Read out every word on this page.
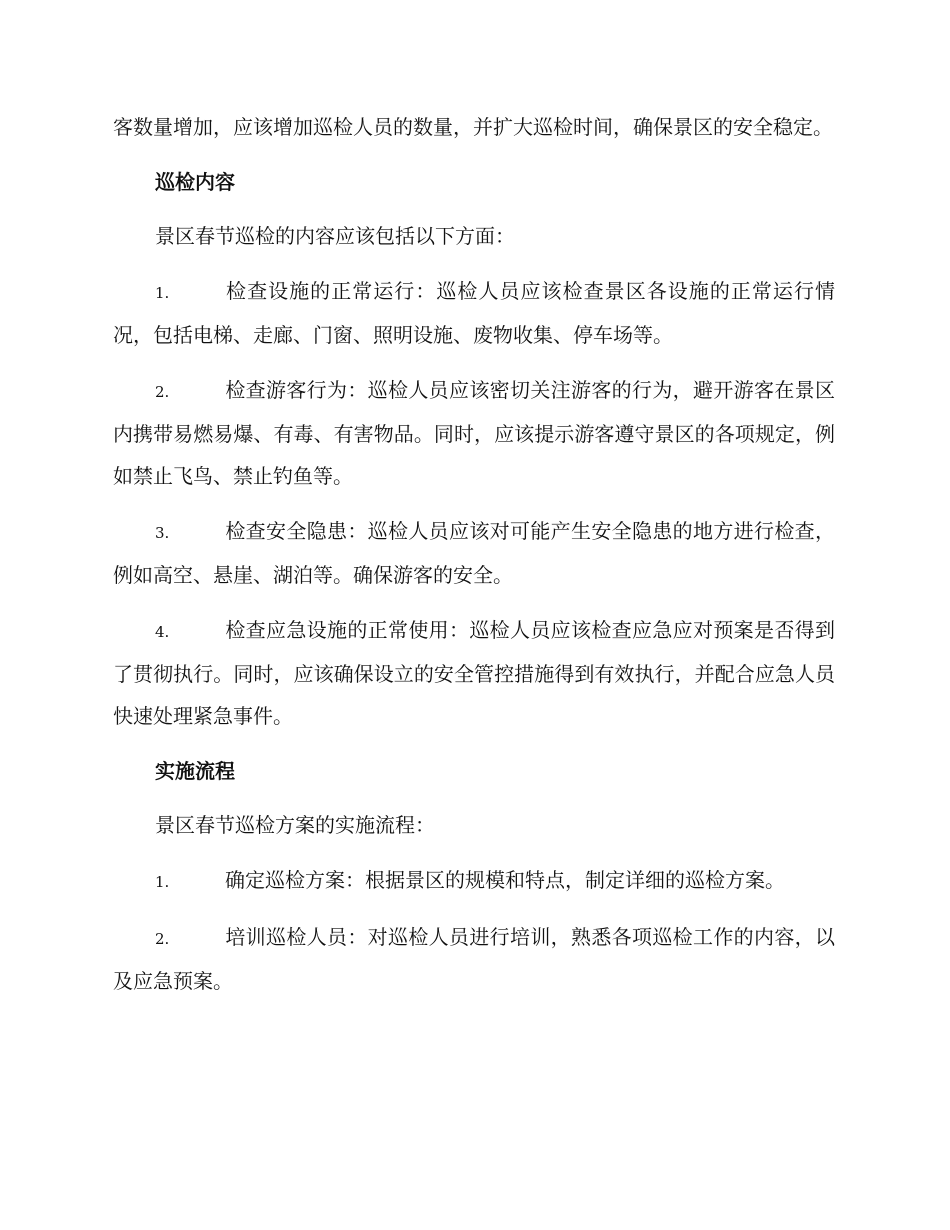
客数量增加，应该增加巡检人员的数量，并扩大巡检时间，确保景区的安全稳定。

巡检内容

景区春节巡检的内容应该包括以下方面：

1.	检查设施的正常运行：巡检人员应该检查景区各设施的正常运行情况，包括电梯、走廊、门窗、照明设施、废物收集、停车场等。

2.	检查游客行为：巡检人员应该密切关注游客的行为，避开游客在景区内携带易燃易爆、有毒、有害物品。同时，应该提示游客遵守景区的各项规定，例如禁止飞鸟、禁止钓鱼等。

3.	检查安全隐患：巡检人员应该对可能产生安全隐患的地方进行检查，例如高空、悬崖、湖泊等。确保游客的安全。

4.	检查应急设施的正常使用：巡检人员应该检查应急应对预案是否得到了贯彻执行。同时，应该确保设立的安全管控措施得到有效执行，并配合应急人员快速处理紧急事件。

实施流程

景区春节巡检方案的实施流程：

1.	确定巡检方案：根据景区的规模和特点，制定详细的巡检方案。

2.	培训巡检人员：对巡检人员进行培训，熟悉各项巡检工作的内容，以及应急预案。
